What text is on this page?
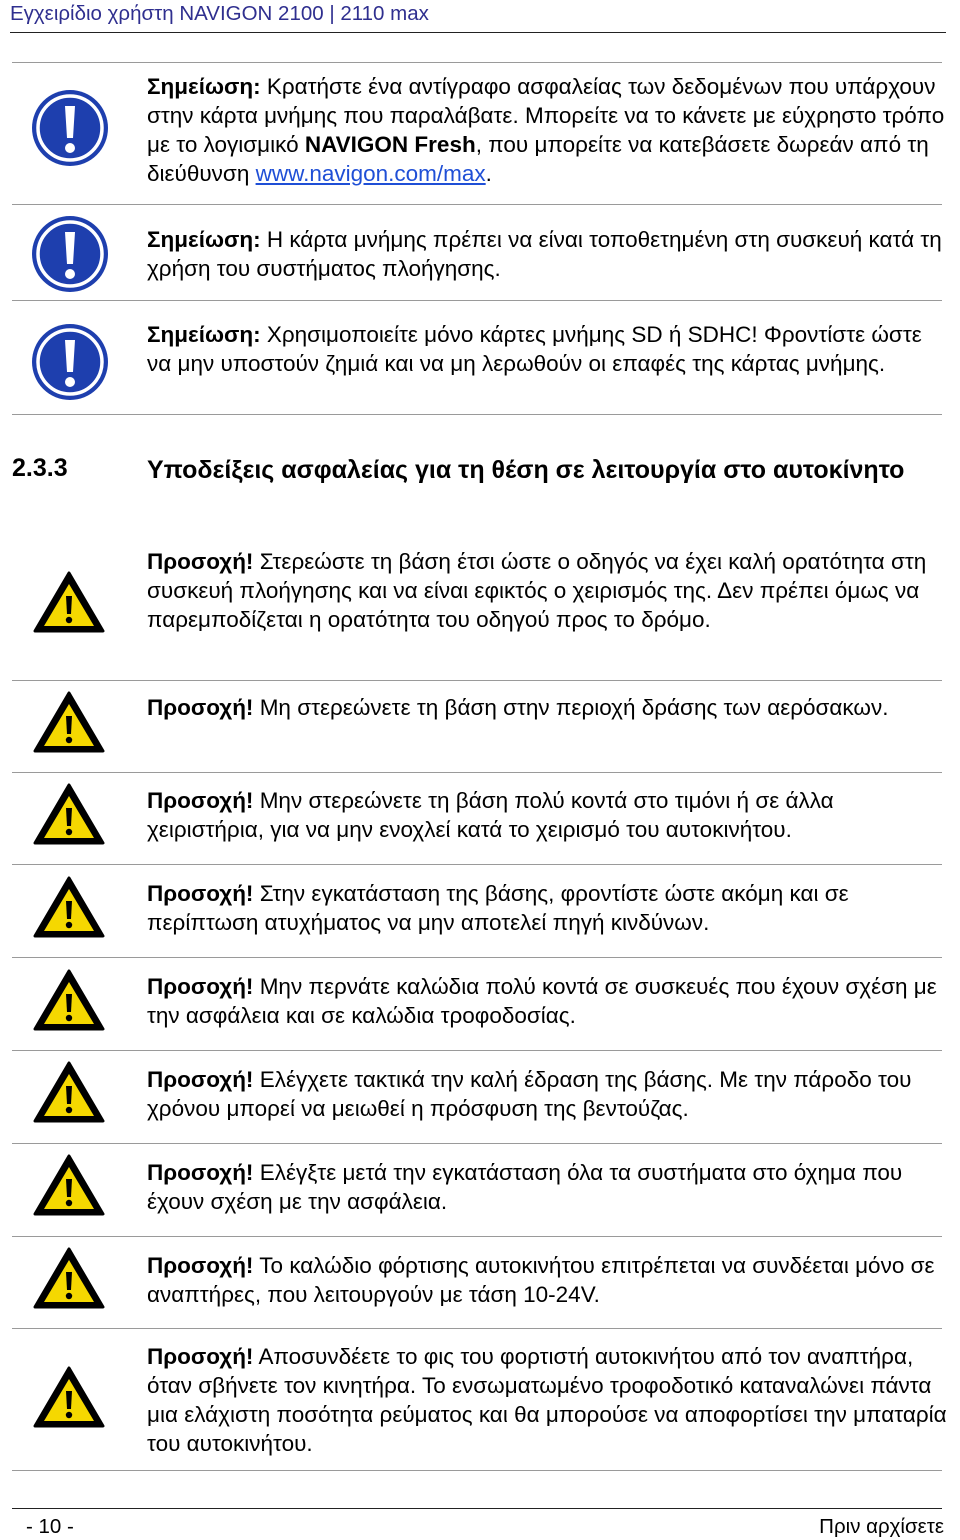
Εγχειρίδιο χρήστη NAVIGON 2100 | 2110 max

Σημείωση: Κρατήστε ένα αντίγραφο ασφαλείας των δεδομένων που υπάρχουν στην κάρτα μνήμης που παραλάβατε. Μπορείτε να το κάνετε με εύχρηστο τρόπο με το λογισμικό NAVIGON Fresh, που μπορείτε να κατεβάσετε δωρεάν από τη διεύθυνση www.navigon.com/max.

Σημείωση: Η κάρτα μνήμης πρέπει να είναι τοποθετημένη στη συσκευή κατά τη χρήση του συστήματος πλοήγησης.

Σημείωση: Χρησιμοποιείτε μόνο κάρτες μνήμης SD ή SDHC! Φροντίστε ώστε να μην υποστούν ζημιά και να μη λερωθούν οι επαφές της κάρτας μνήμης.

2.3.3	Υποδείξεις ασφαλείας για τη θέση σε λειτουργία στο αυτοκίνητο

Προσοχή! Στερεώστε τη βάση έτσι ώστε ο οδηγός να έχει καλή ορατότητα στη συσκευή πλοήγησης και να είναι εφικτός ο χειρισμός της. Δεν πρέπει όμως να παρεμποδίζεται η ορατότητα του οδηγού προς το δρόμο.

Προσοχή! Μη στερεώνετε τη βάση στην περιοχή δράσης των αερόσακων.

Προσοχή! Μην στερεώνετε τη βάση πολύ κοντά στο τιμόνι ή σε άλλα χειριστήρια, για να μην ενοχλεί κατά το χειρισμό του αυτοκινήτου.

Προσοχή! Στην εγκατάσταση της βάσης, φροντίστε ώστε ακόμη και σε περίπτωση ατυχήματος να μην αποτελεί πηγή κινδύνων.

Προσοχή! Μην περνάτε καλώδια πολύ κοντά σε συσκευές που έχουν σχέση με την ασφάλεια και σε καλώδια τροφοδοσίας.

Προσοχή! Ελέγχετε τακτικά την καλή έδραση της βάσης. Με την πάροδο του χρόνου μπορεί να μειωθεί η πρόσφυση της βεντούζας.

Προσοχή! Ελέγξτε μετά την εγκατάσταση όλα τα συστήματα στο όχημα που έχουν σχέση με την ασφάλεια.

Προσοχή! Το καλώδιο φόρτισης αυτοκινήτου επιτρέπεται να συνδέεται μόνο σε αναπτήρες, που λειτουργούν με τάση 10-24V.

Προσοχή! Αποσυνδέετε το φις του φορτιστή αυτοκινήτου από τον αναπτήρα, όταν σβήνετε τον κινητήρα. Το ενσωματωμένο τροφοδοτικό καταναλώνει πάντα μια ελάχιστη ποσότητα ρεύματος και θα μπορούσε να αποφορτίσει την μπαταρία του αυτοκινήτου.

- 10 -	Πριν αρχίσετε
